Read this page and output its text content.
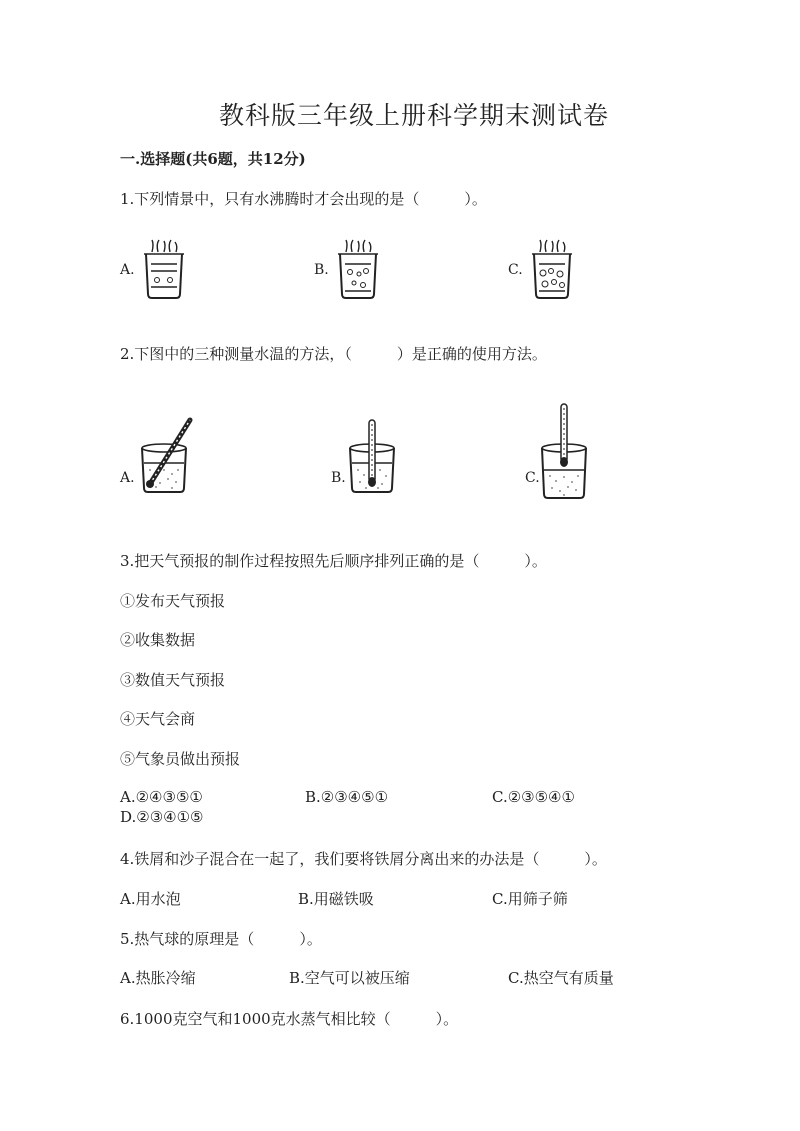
教科版三年级上册科学期末测试卷
一.选择题(共6题，共12分)
1.下列情景中，只有水沸腾时才会出现的是（　　　）。
A.	B.	C.
2.下图中的三种测量水温的方法，（　　　）是正确的使用方法。
A.	B.	C.
3.把天气预报的制作过程按照先后顺序排列正确的是（　　　）。
①发布天气预报
②收集数据
③数值天气预报
④天气会商
⑤气象员做出预报
A.②④③⑤①	B.②③④⑤①	C.②③⑤④①
D.②③④①⑤
4.铁屑和沙子混合在一起了，我们要将铁屑分离出来的办法是（　　　）。
A.用水泡	B.用磁铁吸	C.用筛子筛
5.热气球的原理是（　　　）。
A.热胀冷缩	B.空气可以被压缩	C.热空气有质量
6.1000克空气和1000克水蒸气相比较（　　　）。
